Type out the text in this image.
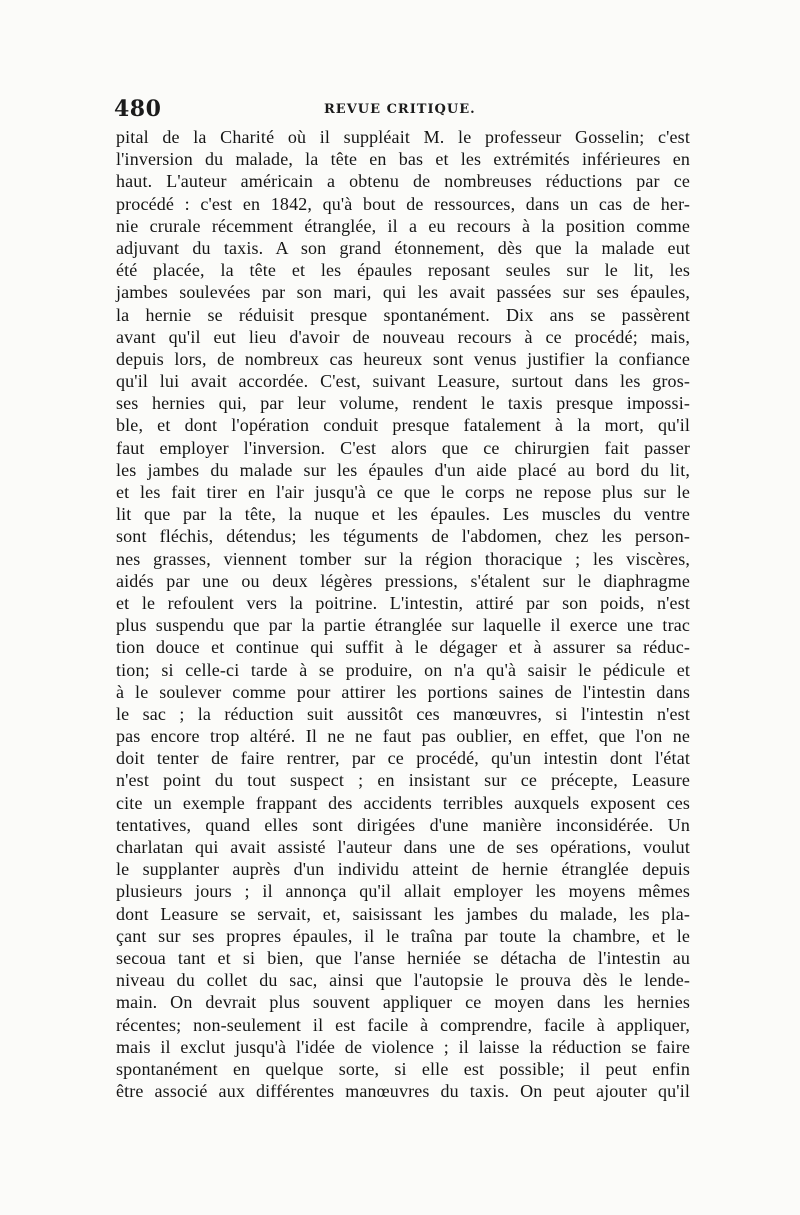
480	REVUE CRITIQUE.
pital de la Charité où il suppléait M. le professeur Gosselin; c'est
l'inversion du malade, la tête en bas et les extrémités inférieures en
haut. L'auteur américain a obtenu de nombreuses réductions par ce
procédé : c'est en 1842, qu'à bout de ressources, dans un cas de her-
nie crurale récemment étranglée, il a eu recours à la position comme
adjuvant du taxis. A son grand étonnement, dès que la malade eut
été placée, la tête et les épaules reposant seules sur le lit, les
jambes soulevées par son mari, qui les avait passées sur ses épaules,
la hernie se réduisit presque spontanément. Dix ans se passèrent
avant qu'il eut lieu d'avoir de nouveau recours à ce procédé; mais,
depuis lors, de nombreux cas heureux sont venus justifier la confiance
qu'il lui avait accordée. C'est, suivant Leasure, surtout dans les gros-
ses hernies qui, par leur volume, rendent le taxis presque impossi-
ble, et dont l'opération conduit presque fatalement à la mort, qu'il
faut employer l'inversion. C'est alors que ce chirurgien fait passer
les jambes du malade sur les épaules d'un aide placé au bord du lit,
et les fait tirer en l'air jusqu'à ce que le corps ne repose plus sur le
lit que par la tête, la nuque et les épaules. Les muscles du ventre
sont fléchis, détendus; les téguments de l'abdomen, chez les person-
nes grasses, viennent tomber sur la région thoracique ; les viscères,
aidés par une ou deux légères pressions, s'étalent sur le diaphragme
et le refoulent vers la poitrine. L'intestin, attiré par son poids, n'est
plus suspendu que par la partie étranglée sur laquelle il exerce une trac
tion douce et continue qui suffit à le dégager et à assurer sa réduc-
tion; si celle-ci tarde à se produire, on n'a qu'à saisir le pédicule et
à le soulever comme pour attirer les portions saines de l'intestin dans
le sac ; la réduction suit aussitôt ces manœuvres, si l'intestin n'est
pas encore trop altéré. Il ne ne faut pas oublier, en effet, que l'on ne
doit tenter de faire rentrer, par ce procédé, qu'un intestin dont l'état
n'est point du tout suspect ; en insistant sur ce précepte, Leasure
cite un exemple frappant des accidents terribles auxquels exposent ces
tentatives, quand elles sont dirigées d'une manière inconsidérée. Un
charlatan qui avait assisté l'auteur dans une de ses opérations, voulut
le supplanter auprès d'un individu atteint de hernie étranglée depuis
plusieurs jours ; il annonça qu'il allait employer les moyens mêmes
dont Leasure se servait, et, saisissant les jambes du malade, les pla-
çant sur ses propres épaules, il le traîna par toute la chambre, et le
secoua tant et si bien, que l'anse herniée se détacha de l'intestin au
niveau du collet du sac, ainsi que l'autopsie le prouva dès le lende-
main. On devrait plus souvent appliquer ce moyen dans les hernies
récentes; non-seulement il est facile à comprendre, facile à appliquer,
mais il exclut jusqu'à l'idée de violence ; il laisse la réduction se faire
spontanément en quelque sorte, si elle est possible; il peut enfin
être associé aux différentes manœuvres du taxis. On peut ajouter qu'il
